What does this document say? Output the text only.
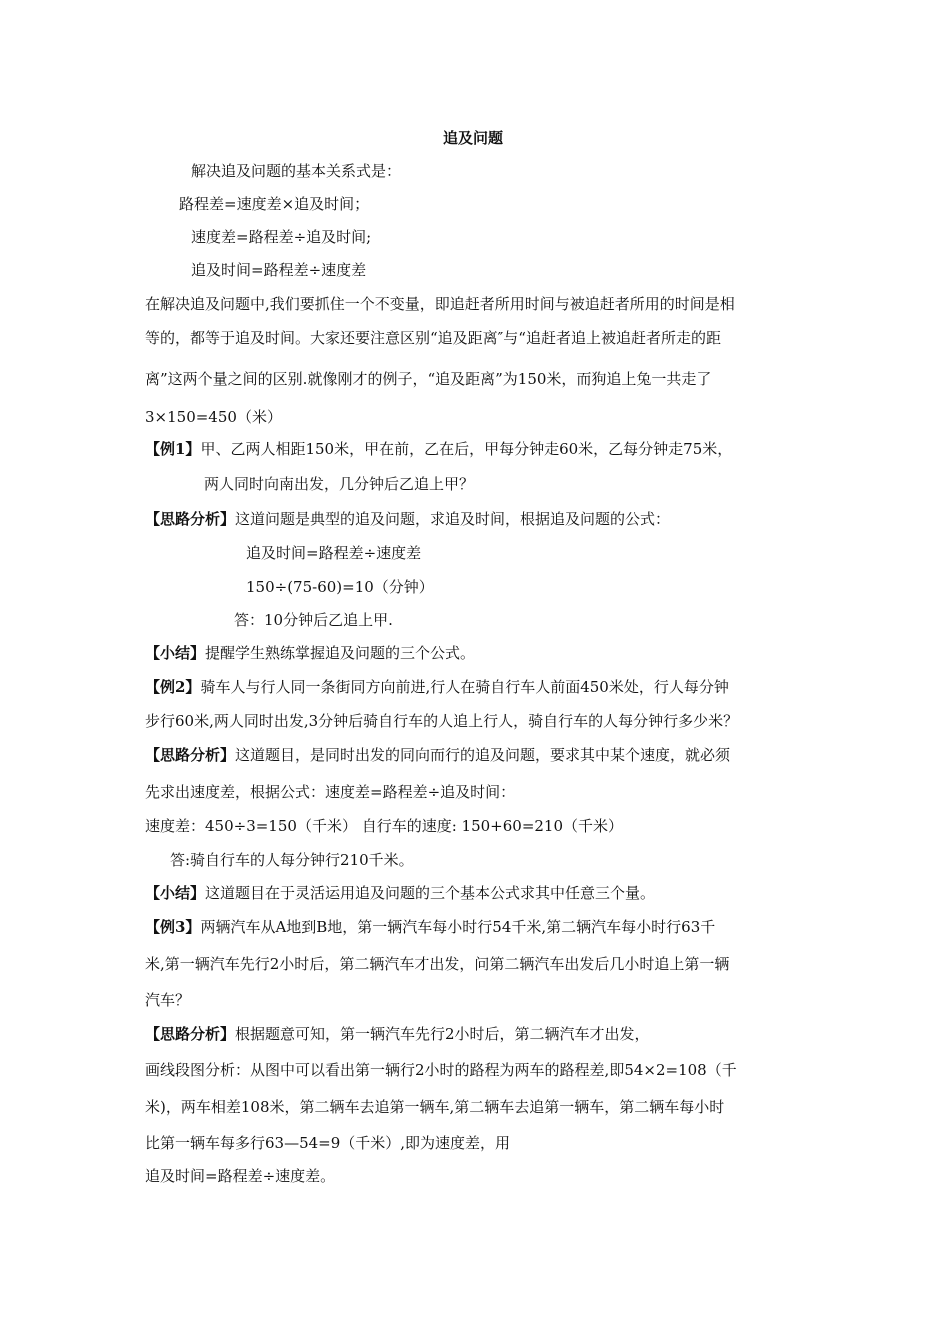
追及问题
解决追及问题的基本关系式是：
路程差=速度差×追及时间；
速度差=路程差÷追及时间;
追及时间=路程差÷速度差
在解决追及问题中,我们要抓住一个不变量，即追赶者所用时间与被追赶者所用的时间是相
等的，都等于追及时间。大家还要注意区别“追及距离″与“追赶者追上被追赶者所走的距
离”这两个量之间的区别.就像刚才的例子，“追及距离”为150米，而狗追上兔一共走了
3×150=450（米）
【例1】甲、乙两人相距150米，甲在前，乙在后，甲每分钟走60米，乙每分钟走75米，
两人同时向南出发，几分钟后乙追上甲？
【思路分析】这道问题是典型的追及问题，求追及时间，根据追及问题的公式：
追及时间=路程差÷速度差
150÷(75-60)=10（分钟）
答：10分钟后乙追上甲.
【小结】提醒学生熟练掌握追及问题的三个公式。
【例2】骑车人与行人同一条街同方向前进,行人在骑自行车人前面450米处，行人每分钟
步行60米,两人同时出发,3分钟后骑自行车的人追上行人，骑自行车的人每分钟行多少米？
【思路分析】这道题目，是同时出发的同向而行的追及问题，要求其中某个速度，就必须
先求出速度差，根据公式：速度差=路程差÷追及时间：
速度差：450÷3=150（千米） 自行车的速度: 150+60=210（千米）
答:骑自行车的人每分钟行210千米。
【小结】这道题目在于灵活运用追及问题的三个基本公式求其中任意三个量。
【例3】两辆汽车从A地到B地，第一辆汽车每小时行54千米,第二辆汽车每小时行63千
米,第一辆汽车先行2小时后，第二辆汽车才出发，问第二辆汽车出发后几小时追上第一辆
汽车？
【思路分析】根据题意可知，第一辆汽车先行2小时后，第二辆汽车才出发，
画线段图分析：从图中可以看出第一辆行2小时的路程为两车的路程差,即54×2=108（千
米)，两车相差108米，第二辆车去追第一辆车,第二辆车去追第一辆车，第二辆车每小时
比第一辆车每多行63—54=9（千米）,即为速度差，用
追及时间=路程差÷速度差。
